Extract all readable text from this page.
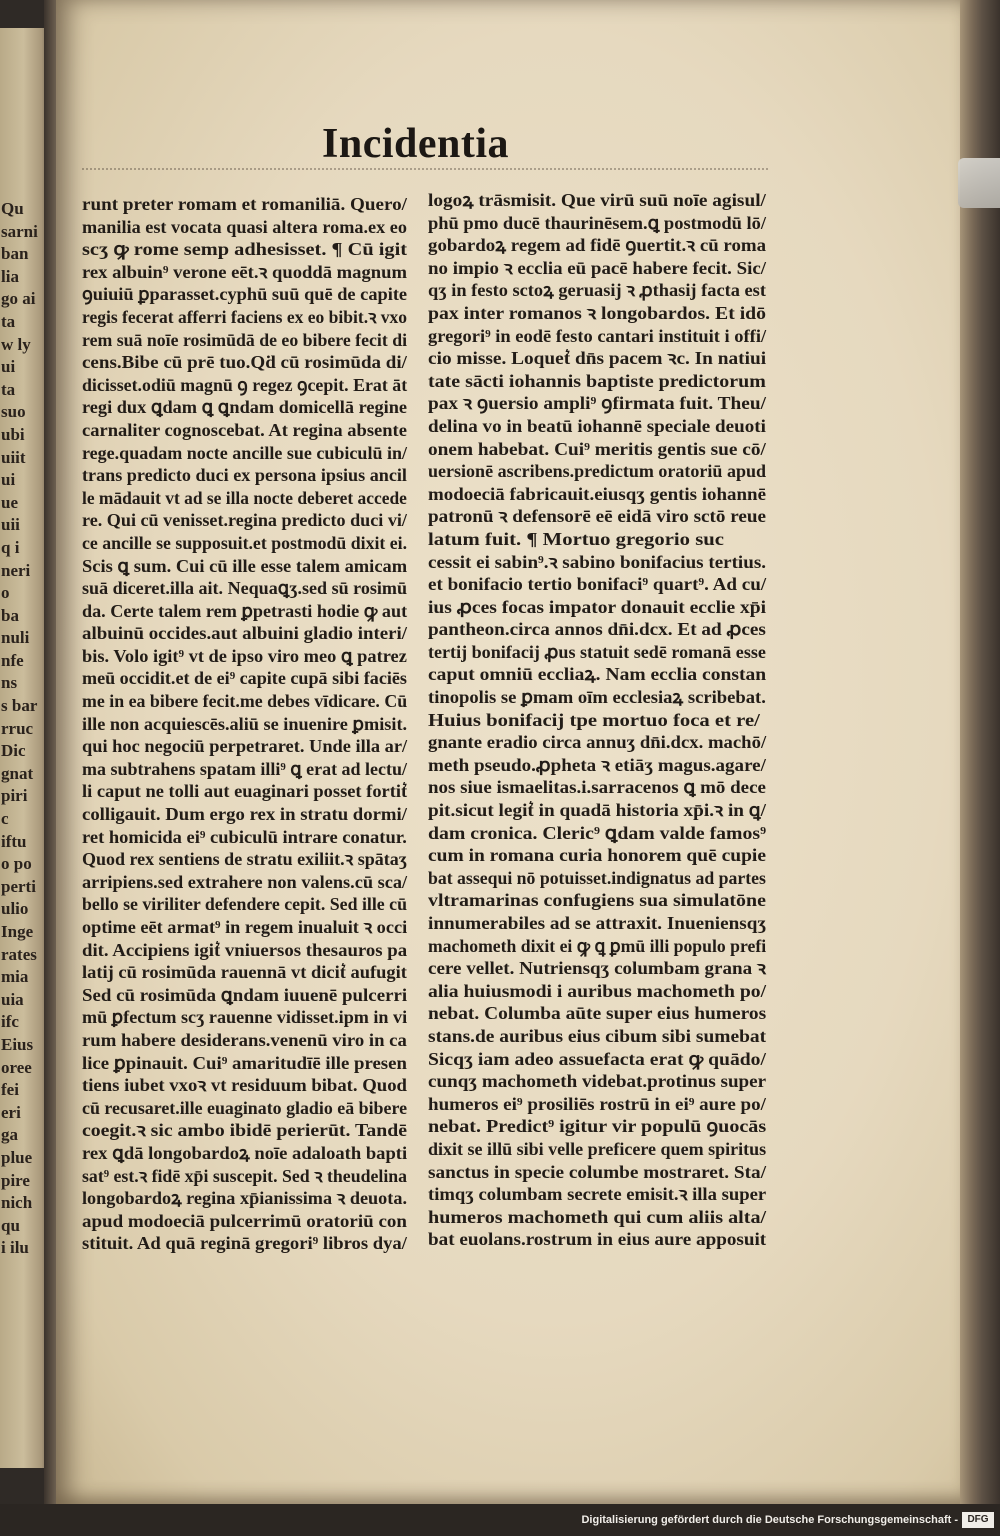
Qu
sarni
ban
lia
go ai
ta
w ly
ui
ta
suo
ubi
uiit
ui
ue
uii
q i
neri
o
ba
nuli
nfe
ns
s bar
rruc
Dic
gnat
piri
c
iftu
o po
perti
ulio
Inge
rates
mia
uia
ifc
Eius
oree
fei
eri
ga
plue
pire
nich
qu
i ilu
Incidentia
runt preter romam et romaniliā. Quero/
manilia est vocata quasi altera roma.ex eo
scʒ ꝙ rome semp adhesisset. ¶ Cū igit
rex albuin⁹ verone eēt.ꝛ quoddā magnum
ꝯuiuiū ꝑparasset.cyphū suū quē de capite
regis fecerat afferri faciens ex eo bibit.ꝛ vxo
rem suā noīe rosimūdā de eo bibere fecit di
cens.Bibe cū prē tuo.Qḋ cū rosimūda di/
dicisset.odiū magnū ꝯ regez ꝯcepit. Erat āt
regi dux ꝗdam ꝗ ꝗndam domicellā regine
carnaliter cognoscebat. At regina absente
rege.quadam nocte ancille sue cubiculū in/
trans predicto duci ex persona ipsius ancil
le mādauit vt ad se illa nocte deberet accede
re. Qui cū venisset.regina predicto duci vi/
ce ancille se supposuit.et postmodū dixit ei.
Scis ꝗ sum. Cui cū ille esse talem amicam
suā diceret.illa ait. Nequaꝗʒ.sed sū rosimū
da. Certe talem rem ꝑpetrasti hodie ꝙ aut
albuinū occides.aut albuini gladio interi/
bis. Volo igit⁹ vt de ipso viro meo ꝗ patrez
meū occidit.et de ei⁹ capite cupā sibi faciēs
me in ea bibere fecit.me debes vīdicare. Cū
ille non acquiescēs.aliū se inuenire ꝑmisit.
qui hoc negociū perpetraret. Unde illa ar/
ma subtrahens spatam illi⁹ ꝗ erat ad lectu/
li caput ne tolli aut euaginari posset fortit͛
colligauit. Dum ergo rex in stratu dormi/
ret homicida ei⁹ cubiculū intrare conatur.
Quod rex sentiens de stratu exiliit.ꝛ spātaʒ
arripiens.sed extrahere non valens.cū sca/
bello se viriliter defendere cepit. Sed ille cū
optime eēt armat⁹ in regem inualuit ꝛ occi
dit. Accipiens igit͛ vniuersos thesauros pa
latij cū rosimūda rauennā vt dicit͛ aufugit
Sed cū rosimūda ꝗndam iuuenē pulcerri
mū ꝑfectum scʒ rauenne vidisset.ipm in vi
rum habere desiderans.venenū viro in ca
lice ꝑpinauit. Cui⁹ amaritudīē ille presen
tiens iubet vxoꝛ vt residuum bibat. Quod
cū recusaret.ille euaginato gladio eā bibere
coegit.ꝛ sic ambo ibidē perierūt. Tandē
rex ꝗdā longobardoꝝ noīe adaloath bapti
sat⁹ est.ꝛ fidē xp̄i suscepit. Sed ꝛ theudelina
longobardoꝝ regina xp̄ianissima ꝛ deuota.
apud modoeciā pulcerrimū oratoriū con
stituit. Ad quā reginā gregori⁹ libros dya/
logoꝝ trāsmisit. Que virū suū noīe agisul/
phū pmo ducē thaurinēsem.ꝗ postmodū lō/
gobardoꝝ regem ad fidē ꝯuertit.ꝛ cū roma
no impio ꝛ ecclia eū pacē habere fecit. Sic/
qʒ in festo sctoꝝ geruasij ꝛ ꝓthasij facta est
pax inter romanos ꝛ longobardos. Et idō
gregori⁹ in eodē festo cantari instituit i offi/
cio misse. Loquet͛ dn̄s pacem ꝛc. In natiui
tate sācti iohannis baptiste predictorum
pax ꝛ ꝯuersio ampli⁹ ꝯfirmata fuit. Theu/
delina vo in beatū iohannē speciale deuoti
onem habebat. Cui⁹ meritis gentis sue cō/
uersionē ascribens.predictum oratoriū apud
modoeciā fabricauit.eiusqʒ gentis iohannē
patronū ꝛ defensorē eē eidā viro sctō reue
latum fuit. ¶ Mortuo gregorio suc
cessit ei sabin⁹.ꝛ sabino bonifacius tertius.
et bonifacio tertio bonifaci⁹ quart⁹. Ad cu/
ius ꝓces focas impator donauit ecclie xp̄i
pantheon.circa annos dn̄i.dcx. Et ad ꝓces
tertij bonifacij ꝓus statuit sedē romanā esse
caput omniū eccliaꝝ. Nam ecclia constan
tinopolis se ꝑmam oīm ecclesiaꝝ scribebat.
Huius bonifacij tpe mortuo foca et re/
gnante eradio circa annuʒ dn̄i.dcx. machō/
meth pseudo.ꝓpheta ꝛ etiāʒ magus.agare/
nos siue ismaelitas.i.sarracenos ꝗ mō dece
pit.sicut legit͛ in quadā historia xp̄i.ꝛ in ꝗ/
dam cronica. Cleric⁹ ꝗdam valde famos⁹
cum in romana curia honorem quē cupie
bat assequi nō potuisset.indignatus ad partes
vltramarinas confugiens sua simulatōne
innumerabiles ad se attraxit. Inueniensqʒ
machometh dixit ei ꝙ ꝗ ꝑmū illi populo prefi
cere vellet. Nutriensqʒ columbam grana ꝛ
alia huiusmodi i auribus machometh po/
nebat. Columba aūte super eius humeros
stans.de auribus eius cibum sibi sumebat
Sicqʒ iam adeo assuefacta erat ꝙ quādo/
cunqʒ machometh videbat.protinus super
humeros ei⁹ prosiliēs rostrū in ei⁹ aure po/
nebat. Predict⁹ igitur vir populū ꝯuocās
dixit se illū sibi velle preficere quem spiritus
sanctus in specie columbe mostraret. Sta/
timqʒ columbam secrete emisit.ꝛ illa super
humeros machometh qui cum aliis alta/
bat euolans.rostrum in eius aure apposuit
Digitalisierung gefördert durch die Deutsche Forschungsgemeinschaft - DFG
